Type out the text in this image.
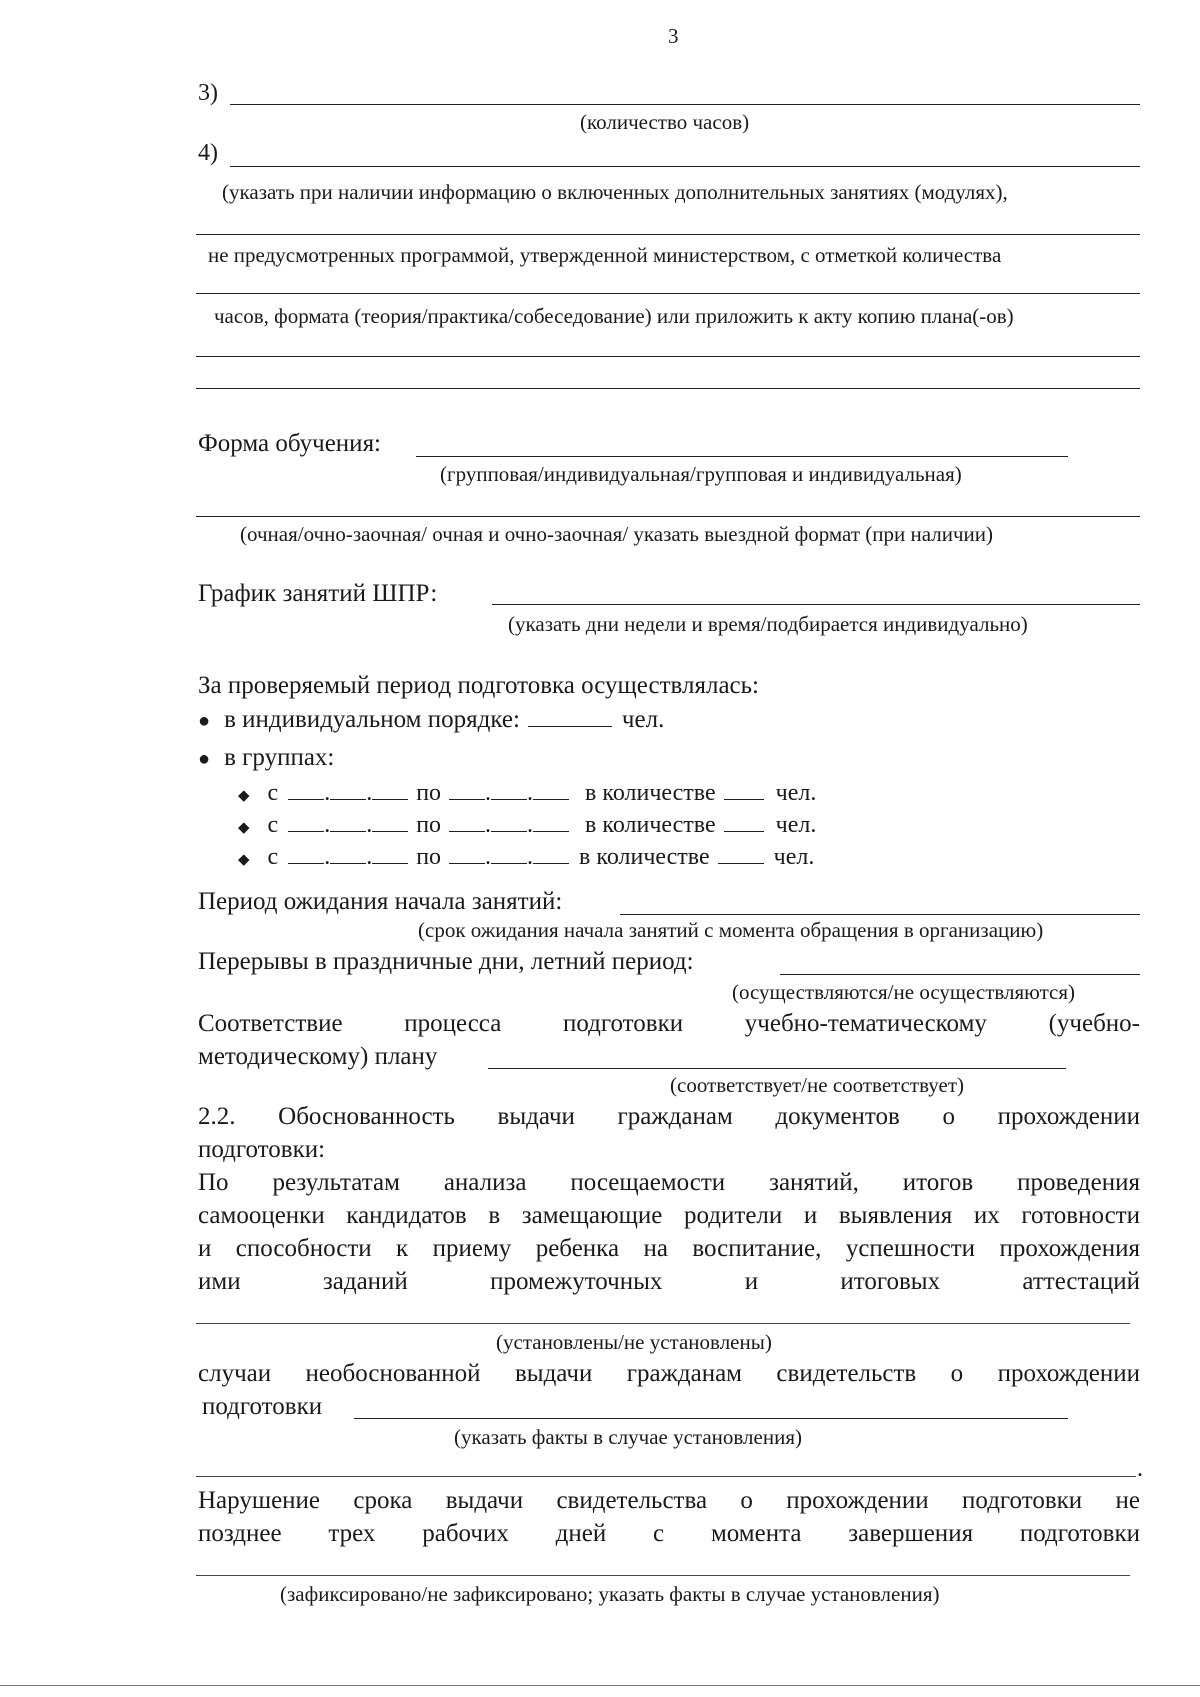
3
3)
(количество часов)
4)
(указать при наличии информацию о включенных дополнительных занятиях (модулях),
не предусмотренных программой, утвержденной министерством, с отметкой количества
часов, формата (теория/практика/собеседование) или приложить к акту копию плана(-ов)
Форма обучения:
(групповая/индивидуальная/групповая и индивидуальная)
(очная/очно-заочная/ очная и очно-заочная/ указать выездной формат (при наличии)
График занятий ШПР:
(указать дни недели и время/подбирается индивидуально)
За проверяемый период подготовка осуществлялась:
● в индивидуальном порядке:	чел.
● в группах:
◆ с . . по . . в количестве	чел.
◆ с . . по . . в количестве	чел.
◆ с . . по . . в количестве	чел.
Период ожидания начала занятий:
(срок ожидания начала занятий с момента обращения в организацию)
Перерывы в праздничные дни, летний период:
(осуществляются/не осуществляются)
Соответствие процесса подготовки учебно-тематическому (учебно-
методическому) плану
(соответствует/не соответствует)
2.2. Обоснованность выдачи гражданам документов о прохождении
подготовки:
По результатам анализа посещаемости занятий, итогов проведения
самооценки кандидатов в замещающие родители и выявления их готовности
и способности к приему ребенка на воспитание, успешности прохождения
ими заданий промежуточных и итоговых аттестаций
(установлены/не установлены)
случаи необоснованной выдачи гражданам свидетельств о прохождении
подготовки
(указать факты в случае установления)
.
Нарушение срока выдачи свидетельства о прохождении подготовки не
позднее трех рабочих дней с момента завершения подготовки
(зафиксировано/не зафиксировано; указать факты в случае установления)
